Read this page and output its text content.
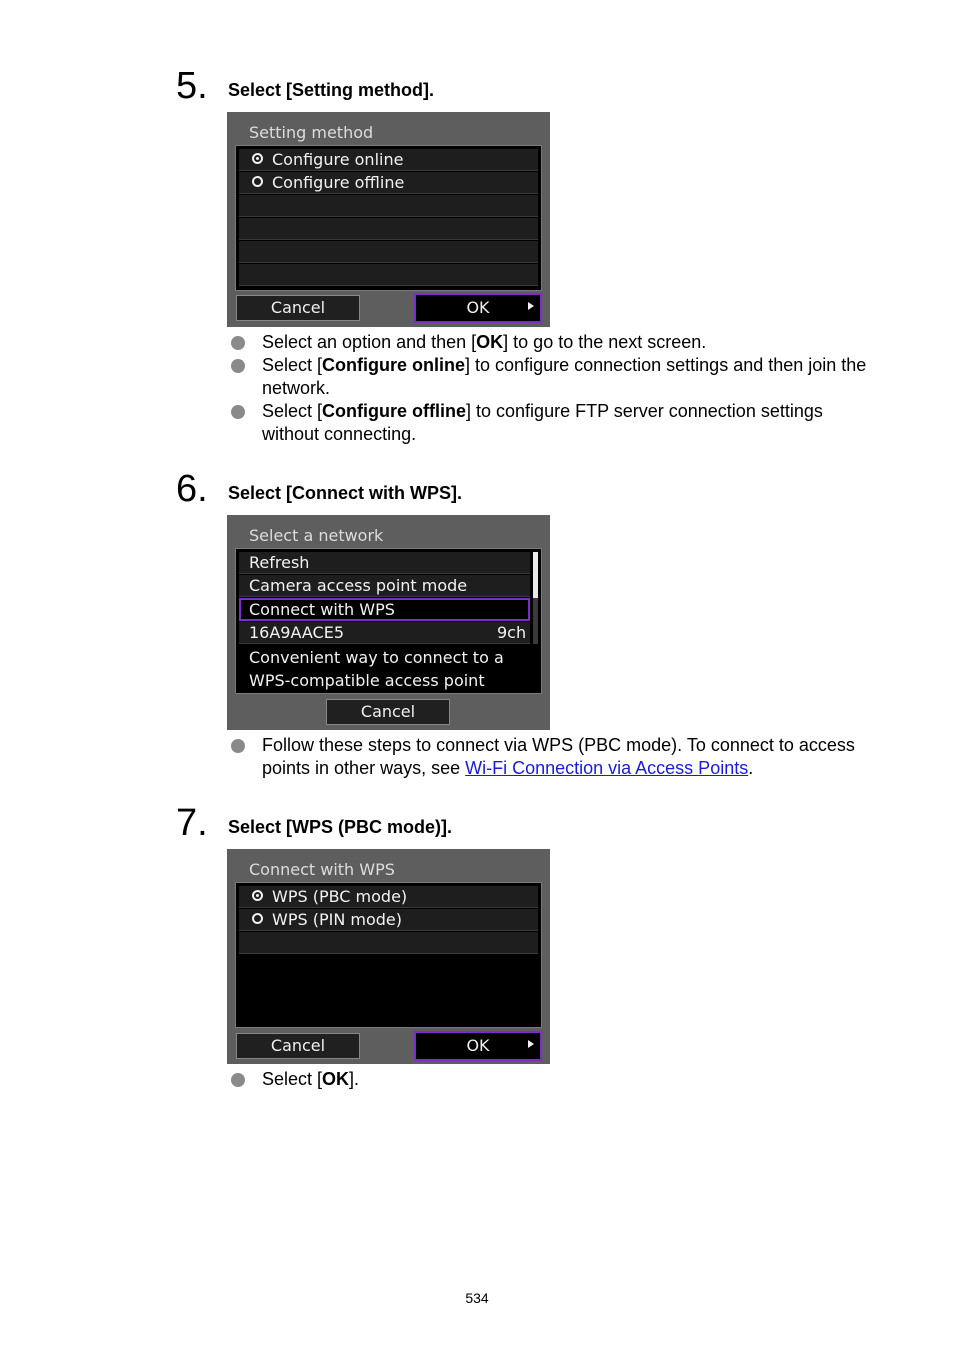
5. Select [Setting method].
Setting method
Configure online
Configure offline
Cancel	OK
Select an option and then [OK] to go to the next screen.
Select [Configure online] to configure connection settings and then join the network.
Select [Configure offline] to configure FTP server connection settings without connecting.
6. Select [Connect with WPS].
Select a network
Refresh
Camera access point mode
Connect with WPS
16A9AACE5	9ch
Convenient way to connect to a
WPS-compatible access point
Cancel
Follow these steps to connect via WPS (PBC mode). To connect to access points in other ways, see Wi-Fi Connection via Access Points.
7. Select [WPS (PBC mode)].
Connect with WPS
WPS (PBC mode)
WPS (PIN mode)
Cancel	OK
Select [OK].
534
